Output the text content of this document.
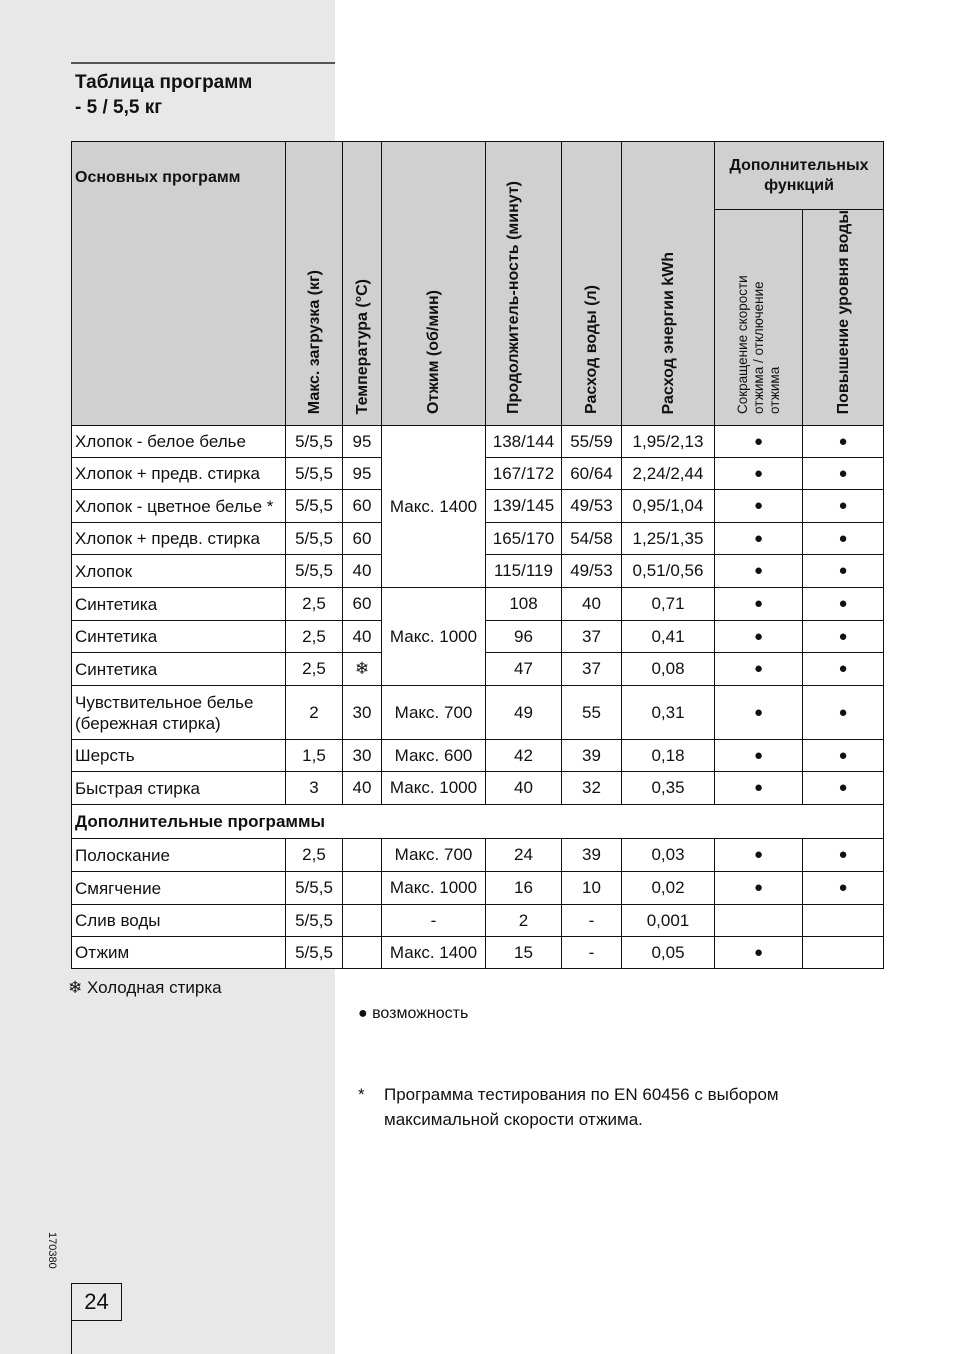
Таблица программ
- 5 / 5,5 кг
Основных программ	Макс. загрузка (кг)	Температура (°C)	Отжим (об/мин)	Продолжитель-ность (минут)	Расход воды (л)	Расход энергии kWh	Дополнительных функций	
							Сокращение скорости отжима / отключение отжима	Повышение уровня воды
Хлопок - белое белье	5/5,5	95	Макс. 1400	138/144	55/59	1,95/2,13	●	●
Хлопок + предв. стирка	5/5,5	95		167/172	60/64	2,24/2,44	●	●
Хлопок - цветное белье *	5/5,5	60		139/145	49/53	0,95/1,04	●	●
Хлопок + предв. стирка	5/5,5	60		165/170	54/58	1,25/1,35	●	●
Хлопок	5/5,5	40		115/119	49/53	0,51/0,56	●	●
Синтетика	2,5	60	Макс. 1000	108	40	0,71	●	●
Синтетика	2,5	40		96	37	0,41	●	●
Синтетика	2,5	❄		47	37	0,08	●	●
Чувствительное белье (бережная стирка)	2	30	Макс. 700	49	55	0,31	●	●
Шерсть	1,5	30	Макс. 600	42	39	0,18	●	●
Быстрая стирка	3	40	Макс. 1000	40	32	0,35	●	●
Дополнительные программы								
Полоскание	2,5		Макс. 700	24	39	0,03	●	●
Смягчение	5/5,5		Макс. 1000	16	10	0,02	●	●
Слив воды	5/5,5		-	2	-	0,001		
Отжим	5/5,5		Макс. 1400	15	-	0,05	●	
❄ Холодная стирка
● возможность
*	Программа тестирования по EN 60456 с выбором максимальной скорости отжима.
170380
24
